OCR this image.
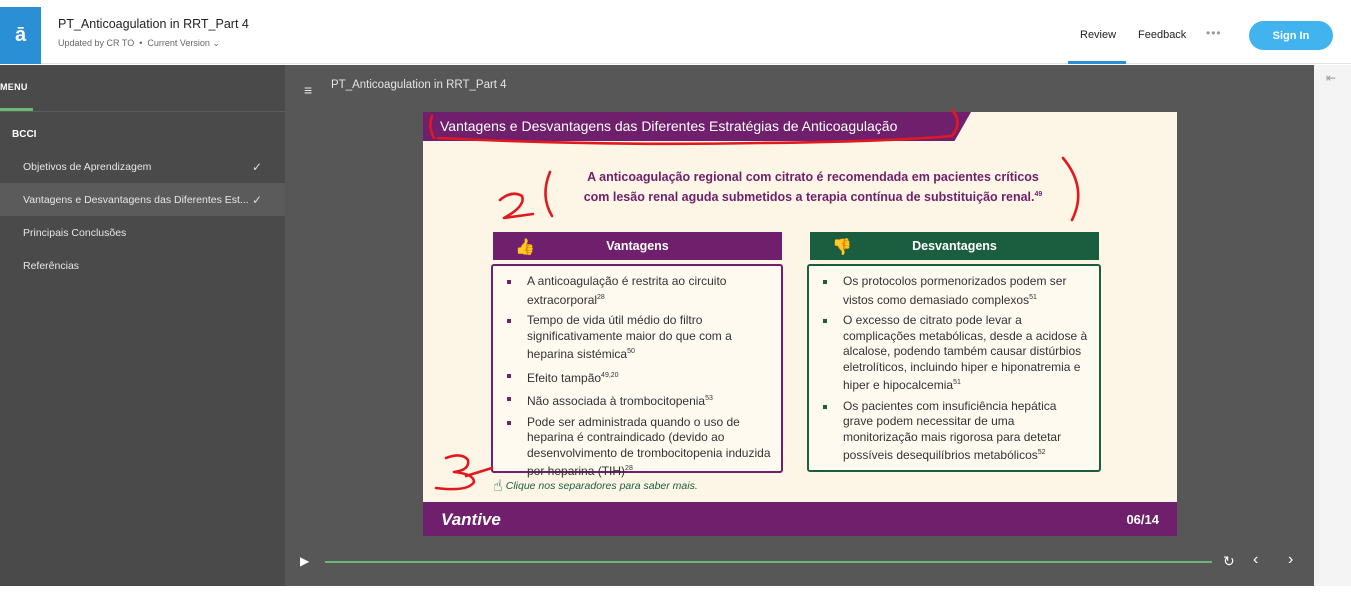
ā	PT_Anticoagulation in RRT_Part 4
Updated by CR TO • Current Version ⌄
Review Feedback •••	Sign In
MENU
BCCI
Objetivos de Aprendizagem	✓
Vantagens e Desvantagens das Diferentes Est... ✓
Principais Conclusões
Referências
≡ PT_Anticoagulation in RRT_Part 4	⇤
Vantagens e Desvantagens das Diferentes Estratégias de Anticoagulação
A anticoagulação regional com citrato é recomendada em pacientes críticos
com lesão renal aguda submetidos a terapia contínua de substituição renal.$^{49}$
👍	Vantagens	👎	Desvantagens
A anticoagulação é restrita ao circuito extracorporal$^{28}$
Tempo de vida útil médio do filtro significativamente maior do que com a heparina sistémica$^{50}$
Efeito tampão$^{49,20}$
Não associada à trombocitopenia$^{53}$
Pode ser administrada quando o uso de heparina é contraindicado (devido ao desenvolvimento de trombocitopenia induzida por heparina (TIH)$^{28}$
Os protocolos pormenorizados podem ser vistos como demasiado complexos$^{51}$
O excesso de citrato pode levar a complicações metabólicas, desde a acidose à alcalose, podendo também causar distúrbios eletrolíticos, incluindo hiper e hiponatremia e hiper e hipocalcemia$^{51}$
Os pacientes com insuficiência hepática grave podem necessitar de uma monitorização mais rigorosa para detetar possíveis desequilíbrios metabólicos$^{52}$
☝ Clique nos separadores para saber mais.
Vantive	06/14
▶	↻ ‹ ›
